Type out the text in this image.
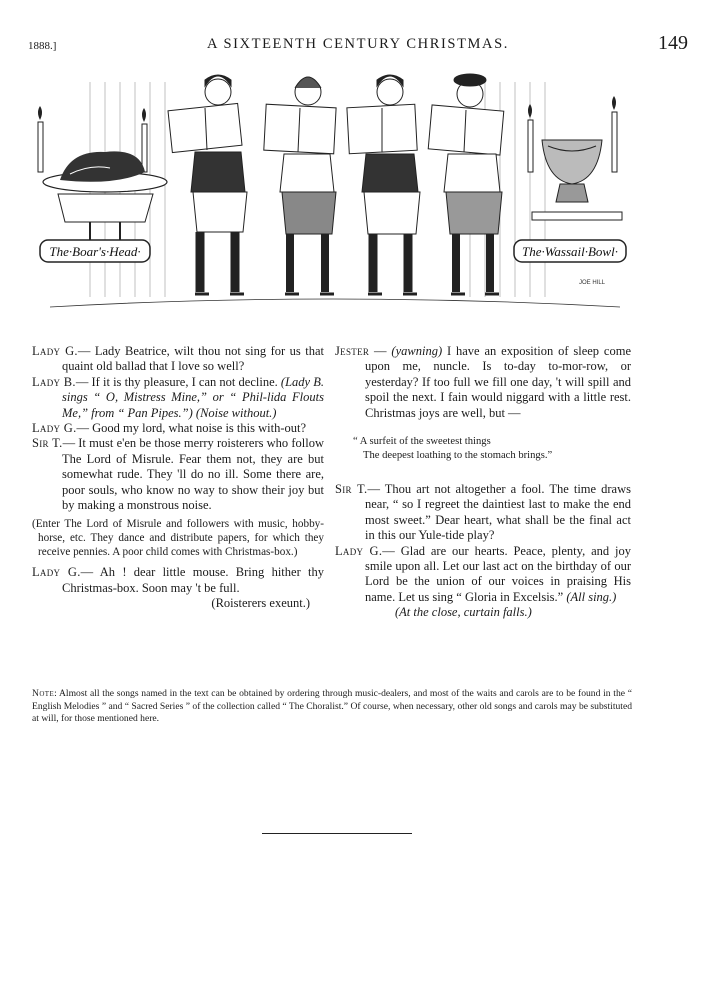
1888.]	A SIXTEENTH CENTURY CHRISTMAS.	149
The·Boar's·Head·	The·Wassail·Bowl·
JOE HILL

Lady G.— Lady Beatrice, wilt thou not sing for us that quaint old ballad that I love so well?

Lady B.— If it is thy pleasure, I can not decline. (Lady B. sings “ O, Mistress Mine,” or “ Phil-lida Flouts Me,” from “ Pan Pipes.”) (Noise without.)

Lady G.— Good my lord, what noise is this with-out?

Sir T.— It must e'en be those merry roisterers who follow The Lord of Misrule. Fear them not, they are but somewhat rude. They 'll do no ill. Some there are, poor souls, who know no way to show their joy but by making a monstrous noise.

(Enter The Lord of Misrule and followers with music, hobby-horse, etc. They dance and distribute papers, for which they receive pennies. A poor child comes with Christmas-box.)

Lady G.— Ah ! dear little mouse. Bring hither thy Christmas-box. Soon may 't be full.

(Roisterers exeunt.)

Jester — (yawning) I have an exposition of sleep come upon me, nuncle. Is to-day to-mor-row, or yesterday? If too full we fill one day, 't will spill and spoil the next. I fain would niggard with a little rest. Christmas joys are well, but —

“ A surfeit of the sweetest things
The deepest loathing to the stomach brings.”

Sir T.— Thou art not altogether a fool. The time draws near, “ so I regreet the daintiest last to make the end most sweet.” Dear heart, what shall be the final act in this our Yule-tide play?

Lady G.— Glad are our hearts. Peace, plenty, and joy smile upon all. Let our last act on the birthday of our Lord be the union of our voices in praising His name. Let us sing “ Gloria in Excelsis.” (All sing.)

(At the close, curtain falls.)

Note: Almost all the songs named in the text can be obtained by ordering through music-dealers, and most of the waits and carols are to be found in the “ English Melodies ” and “ Sacred Series ” of the collection called “ The Choralist.” Of course, when necessary, other old songs and carols may be substituted at will, for those mentioned here.
